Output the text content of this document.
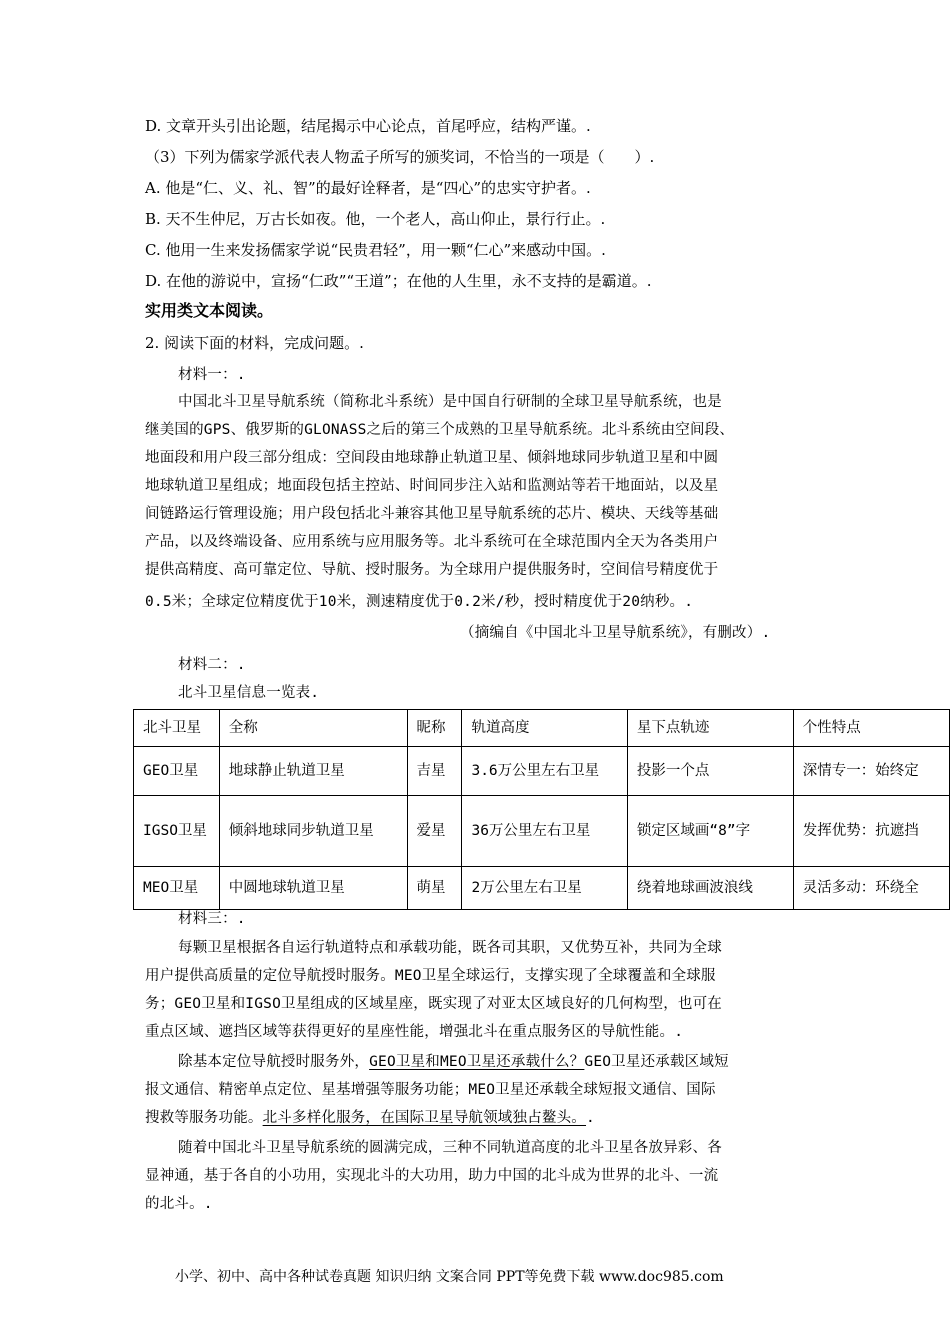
D. 文章开头引出论题，结尾揭示中心论点，首尾呼应，结构严谨。.
（3）下列为儒家学派代表人物孟子所写的颁奖词，不恰当的一项是（　　）.
A. 他是“仁、义、礼、智”的最好诠释者，是“四心”的忠实守护者。.
B. 天不生仲尼，万古长如夜。他，一个老人，高山仰止，景行行止。.
C. 他用一生来发扬儒家学说“民贵君轻”，用一颗“仁心”来感动中国。.
D. 在他的游说中，宣扬“仁政”“王道”；在他的人生里，永不支持的是霸道。.
实用类文本阅读。
2. 阅读下面的材料，完成问题。.
材料一：.
中国北斗卫星导航系统（简称北斗系统）是中国自行研制的全球卫星导航系统，也是
继美国的GPS、俄罗斯的GLONASS之后的第三个成熟的卫星导航系统。北斗系统由空间段、
地面段和用户段三部分组成：空间段由地球静止轨道卫星、倾斜地球同步轨道卫星和中圆
地球轨道卫星组成；地面段包括主控站、时间同步注入站和监测站等若干地面站，以及星
间链路运行管理设施；用户段包括北斗兼容其他卫星导航系统的芯片、模块、天线等基础
产品，以及终端设备、应用系统与应用服务等。北斗系统可在全球范围内全天为各类用户
提供高精度、高可靠定位、导航、授时服务。为全球用户提供服务时，空间信号精度优于
0.5米；全球定位精度优于10米，测速精度优于0.2米/秒，授时精度优于20纳秒。.
（摘编自《中国北斗卫星导航系统》，有删改）.
材料二：.
北斗卫星信息一览表.
北斗卫星	全称	昵称	轨道高度	星下点轨迹	个性特点
GEO卫星	地球静止轨道卫星	吉星	3.6万公里左右卫星	投影一个点	深情专一：始终定
IGSO卫星	倾斜地球同步轨道卫星	爱星	36万公里左右卫星	锁定区域画“8”字	发挥优势：抗遮挡
MEO卫星	中圆地球轨道卫星	萌星	2万公里左右卫星	绕着地球画波浪线	灵活多动：环绕全
材料三：.
每颗卫星根据各自运行轨道特点和承载功能，既各司其职，又优势互补，共同为全球
用户提供高质量的定位导航授时服务。MEO卫星全球运行，支撑实现了全球覆盖和全球服
务；GEO卫星和IGSO卫星组成的区域星座，既实现了对亚太区域良好的几何构型，也可在
重点区域、遮挡区域等获得更好的星座性能，增强北斗在重点服务区的导航性能。.
除基本定位导航授时服务外，GEO卫星和MEO卫星还承载什么？GEO卫星还承载区域短
报文通信、精密单点定位、星基增强等服务功能；MEO卫星还承载全球短报文通信、国际
搜救等服务功能。北斗多样化服务，在国际卫星导航领域独占鳌头。.
随着中国北斗卫星导航系统的圆满完成，三种不同轨道高度的北斗卫星各放异彩、各
显神通，基于各自的小功用，实现北斗的大功用，助力中国的北斗成为世界的北斗、一流
的北斗。.
小学、初中、高中各种试卷真题 知识归纳 文案合同 PPT等免费下载 www.doc985.com
